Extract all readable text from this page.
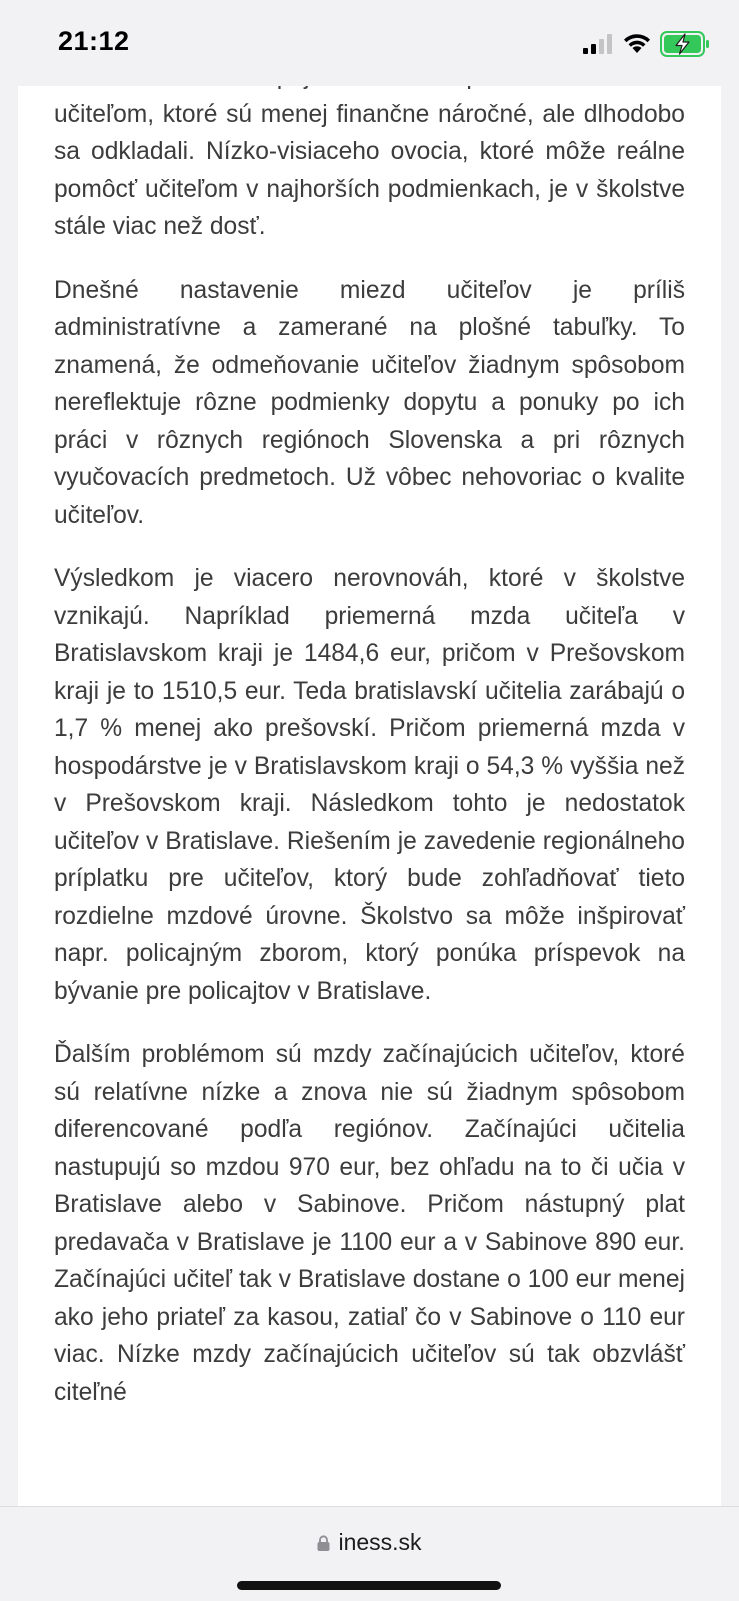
21:12

učiteľom, ktoré sú menej finančne náročné, ale dlhodobo sa odkladali. Nízko-visiaceho ovocia, ktoré môže reálne pomôcť učiteľom v najhorších podmienkach, je v školstve stále viac než dosť.

Dnešné nastavenie miezd učiteľov je príliš administratívne a zamerané na plošné tabuľky. To znamená, že odmeňovanie učiteľov žiadnym spôsobom nereflektuje rôzne podmienky dopytu a ponuky po ich práci v rôznych regiónoch Slovenska a pri rôznych vyučovacích predmetoch. Už vôbec nehovoriac o kvalite učiteľov.

Výsledkom je viacero nerovnováh, ktoré v školstve vznikajú. Napríklad priemerná mzda učiteľa v Bratislavskom kraji je 1484,6 eur, pričom v Prešovskom kraji je to 1510,5 eur. Teda bratislavskí učitelia zarábajú o 1,7 % menej ako prešovskí. Pričom priemerná mzda v hospodárstve je v Bratislavskom kraji o 54,3 % vyššia než v Prešovskom kraji. Následkom tohto je nedostatok učiteľov v Bratislave. Riešením je zavedenie regionálneho príplatku pre učiteľov, ktorý bude zohľadňovať tieto rozdielne mzdové úrovne. Školstvo sa môže inšpirovať napr. policajným zborom, ktorý ponúka príspevok na bývanie pre policajtov v Bratislave.

Ďalším problémom sú mzdy začínajúcich učiteľov, ktoré sú relatívne nízke a znova nie sú žiadnym spôsobom diferencované podľa regiónov. Začínajúci učitelia nastupujú so mzdou 970 eur, bez ohľadu na to či učia v Bratislave alebo v Sabinove. Pričom nástupný plat predavača v Bratislave je 1100 eur a v Sabinove 890 eur. Začínajúci učiteľ tak v Bratislave dostane o 100 eur menej ako jeho priateľ za kasou, zatiaľ čo v Sabinove o 110 eur viac. Nízke mzdy začínajúcich učiteľov sú tak obzvlášť citeľné

iness.sk
